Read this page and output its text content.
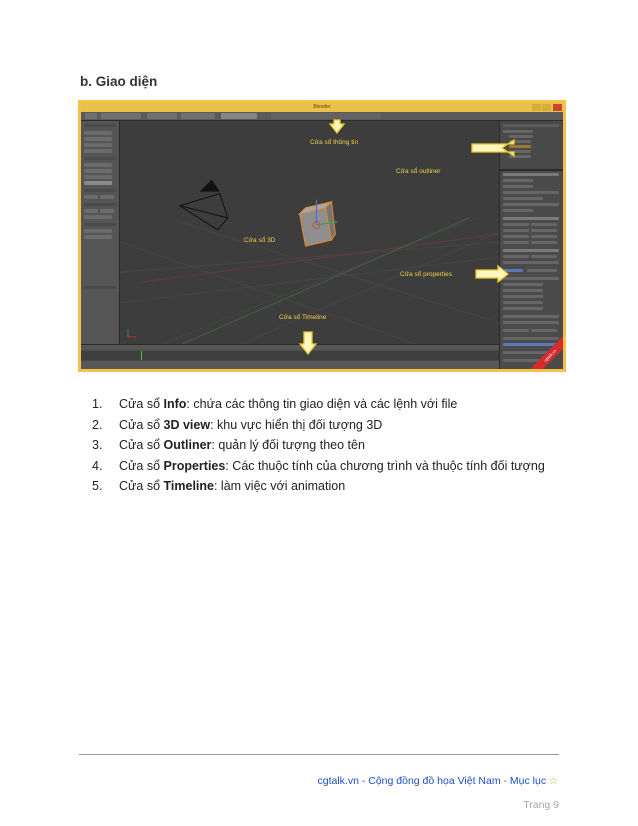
b. Giao diện
Blender
cgtalk.vn
Cửa sổ thông tin
Cửa sổ outliner
Cửa sổ 3D
Cửa sổ properties
Cửa sổ Timeline
1. Cửa sổ Info: chứa các thông tin giao diện và các lệnh với file
2. Cửa sổ 3D view: khu vực hiển thị đối tượng 3D
3. Cửa sổ Outliner: quản lý đối tượng theo tên
4. Cửa sổ Properties: Các thuộc tính của chương trình và thuộc tính đối tượng
5. Cửa sổ Timeline: làm việc với animation
cgtalk.vn - Cộng đồng đồ họa Việt Nam - Mục lục ☆
Trang 9
